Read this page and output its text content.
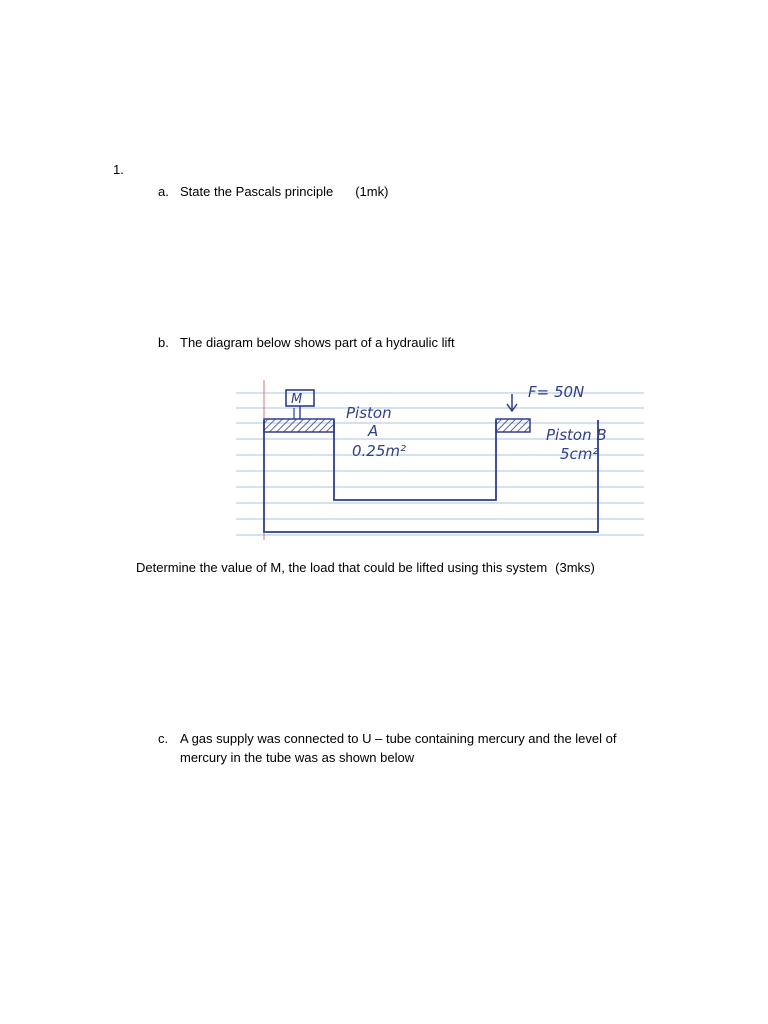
1.
a. State the Pascals principle (1mk)
b. The diagram below shows part of a hydraulic lift
M	F= 50N
Piston
A
0.25m²
Piston B
5cm²
Determine the value of M, the load that could be lifted using this system (3mks)
c. A gas supply was connected to U – tube containing mercury and the level of
mercury in the tube was as shown below
